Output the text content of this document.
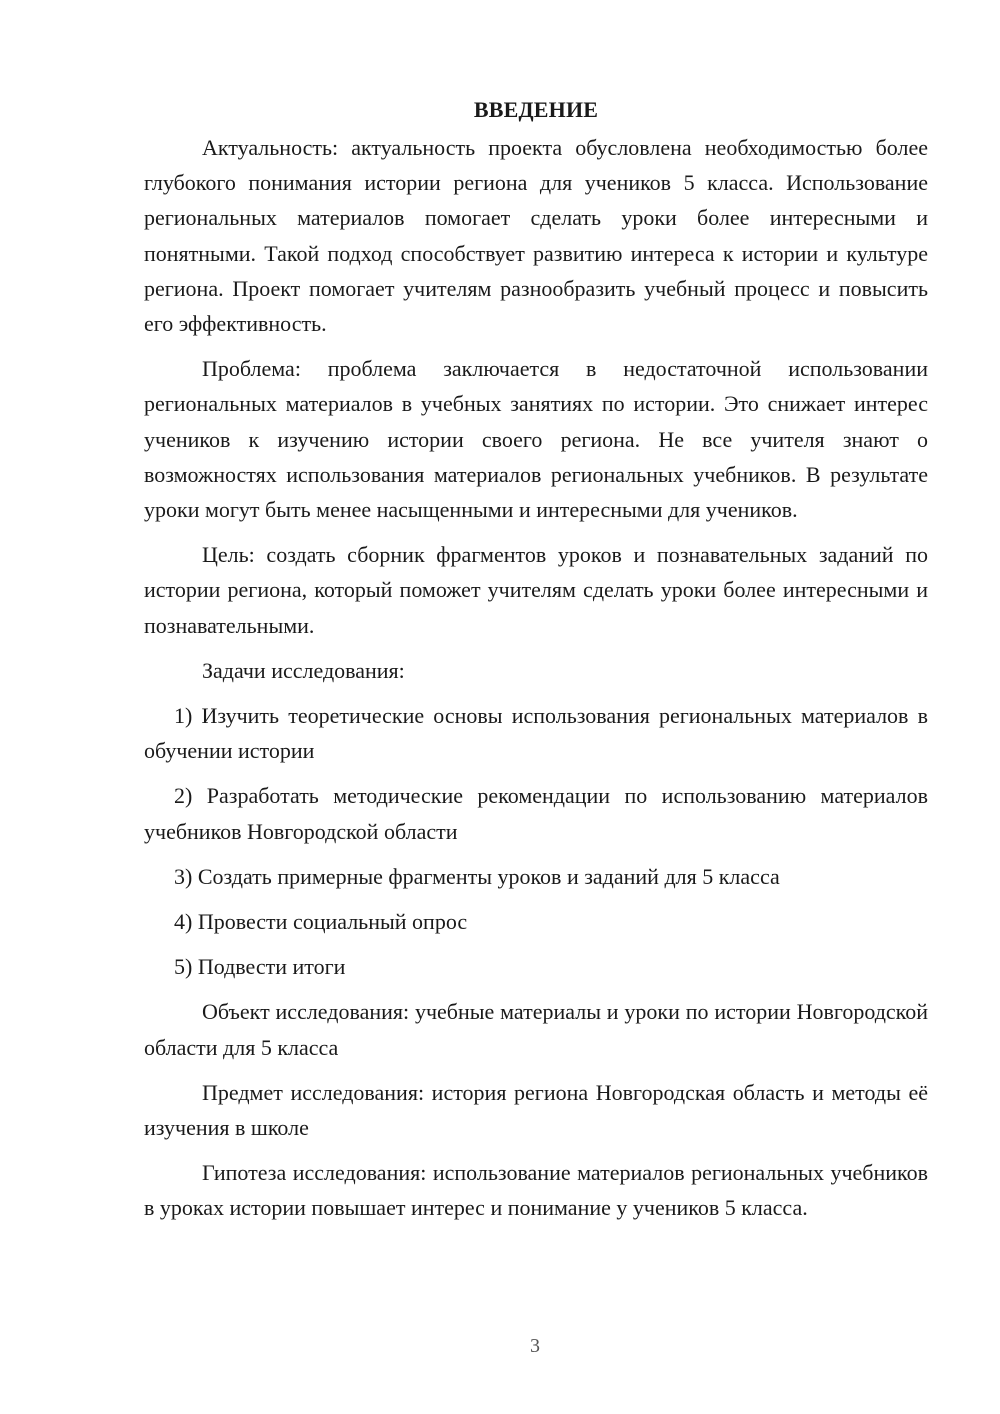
ВВЕДЕНИЕ

Актуальность: актуальность проекта обусловлена необходимостью более глубокого понимания истории региона для учеников 5 класса. Использование региональных материалов помогает сделать уроки более интересными и понятными. Такой подход способствует развитию интереса к истории и культуре региона. Проект помогает учителям разнообразить учебный процесс и повысить его эффективность.

Проблема: проблема заключается в недостаточной использовании региональных материалов в учебных занятиях по истории. Это снижает интерес учеников к изучению истории своего региона. Не все учителя знают о возможностях использования материалов региональных учебников. В результате уроки могут быть менее насыщенными и интересными для учеников.

Цель: создать сборник фрагментов уроков и познавательных заданий по истории региона, который поможет учителям сделать уроки более интересными и познавательными.

Задачи исследования:

1) Изучить теоретические основы использования региональных материалов в обучении истории

2) Разработать методические рекомендации по использованию материалов учебников Новгородской области

3) Создать примерные фрагменты уроков и заданий для 5 класса

4) Провести социальный опрос

5) Подвести итоги

Объект исследования: учебные материалы и уроки по истории Новгородской области для 5 класса

Предмет исследования: история региона Новгородская область и методы её изучения в школе

Гипотеза исследования: использование материалов региональных учебников в уроках истории повышает интерес и понимание у учеников 5 класса.

3
